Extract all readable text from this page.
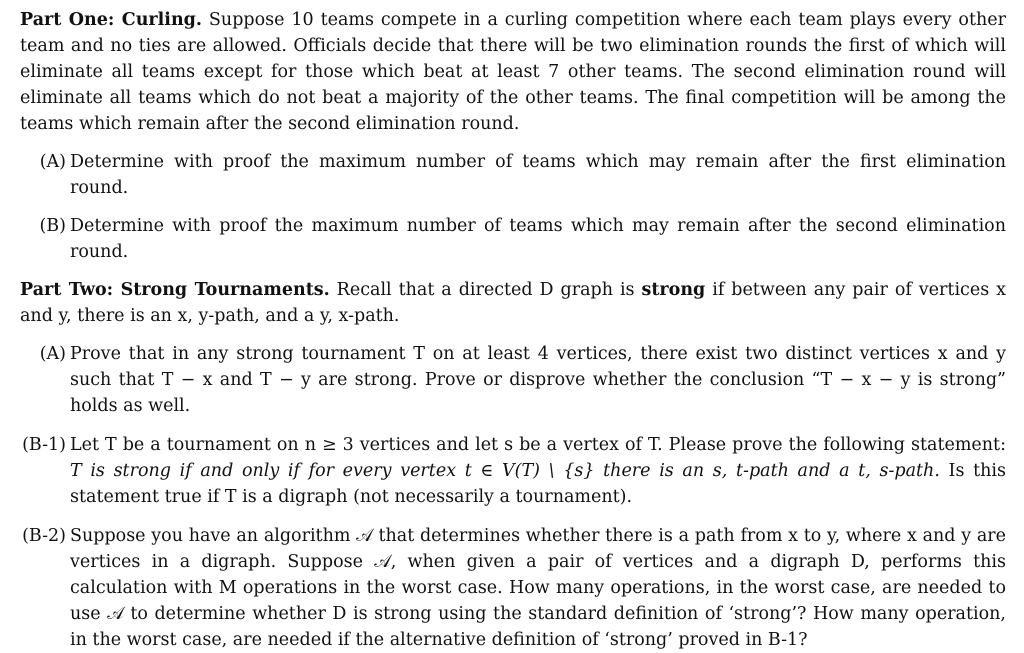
Part One: Curling. Suppose 10 teams compete in a curling competition where each team plays every other team and no ties are allowed. Officials decide that there will be two elimination rounds the first of which will eliminate all teams except for those which beat at least 7 other teams. The second elimination round will eliminate all teams which do not beat a majority of the other teams. The final competition will be among the teams which remain after the second elimination round.

(A) Determine with proof the maximum number of teams which may remain after the first elimination round.
(B) Determine with proof the maximum number of teams which may remain after the second elimination round.

Part Two: Strong Tournaments. Recall that a directed D graph is strong if between any pair of vertices x and y, there is an x, y-path, and a y, x-path.

(A) Prove that in any strong tournament T on at least 4 vertices, there exist two distinct vertices x and y such that T − x and T − y are strong. Prove or disprove whether the conclusion “T − x − y is strong” holds as well.
(B-1) Let T be a tournament on n ≥ 3 vertices and let s be a vertex of T. Please prove the following statement: T is strong if and only if for every vertex t ∈ V(T) \ {s} there is an s, t-path and a t, s-path. Is this statement true if T is a digraph (not necessarily a tournament).
(B-2) Suppose you have an algorithm 𝒜 that determines whether there is a path from x to y, where x and y are vertices in a digraph. Suppose 𝒜, when given a pair of vertices and a digraph D, performs this calculation with M operations in the worst case. How many operations, in the worst case, are needed to use 𝒜 to determine whether D is strong using the standard definition of ‘strong’? How many operation, in the worst case, are needed if the alternative definition of ‘strong’ proved in B-1?
